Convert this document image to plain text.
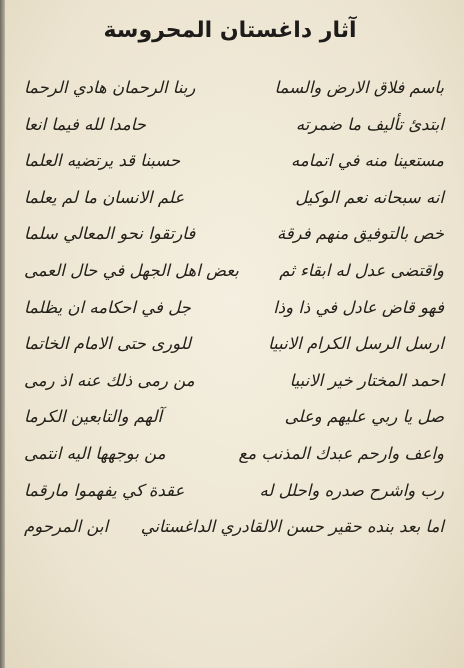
آثار داغستان المحروسة
باسم فلاق الارض والسما
ربنا الرحمان هادي الرحما
ابتدئ تأليف ما ضمرته
حامدا لله فيما انعا
مستعينا منه في اتمامه
حسبنا قد يرتضيه العلما
انه سبحانه نعم الوكيل
علم الانسان ما لم يعلما
خص بالتوفيق منهم فرقة
فارتقوا نحو المعالي سلما
واقتضى عدل له ابقاء ثم
بعض اهل الجهل في حال العمى
فهو قاض عادل في ذا وذا
جل في احكامه ان يظلما
ارسل الرسل الكرام الانبيا
للورى حتى الامام الخاتما
احمد المختار خير الانبيا
من رمى ذلك عنه اذ رمى
صل يا ربي عليهم وعلى
آلهم والتابعين الكرما
واعف وارحم عبدك المذنب مع
من بوجهها اليه انتمى
رب واشرح صدره واحلل له
عقدة كي يفهموا مارقما
اما بعد بنده حقير حسن الالقادري الداغستاني
ابن المرحوم
